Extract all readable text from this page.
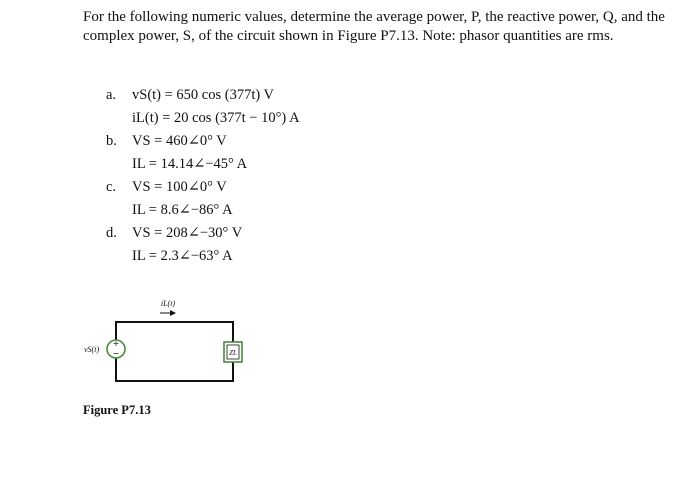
For the following numeric values, determine the average power, P, the reactive power, Q, and the complex power, S, of the circuit shown in Figure P7.13. Note: phasor quantities are rms.
a. vS(t) = 650 cos (377t) V
iL(t) = 20 cos (377t − 10°) A
b. VS = 460∠0° V
IL = 14.14∠−45° A
c. VS = 100∠0° V
IL = 8.6∠−86° A
d. VS = 208∠−30° V
IL = 2.3∠−63° A
+
−
vS(t)	ZL
iL(t)
Figure P7.13
